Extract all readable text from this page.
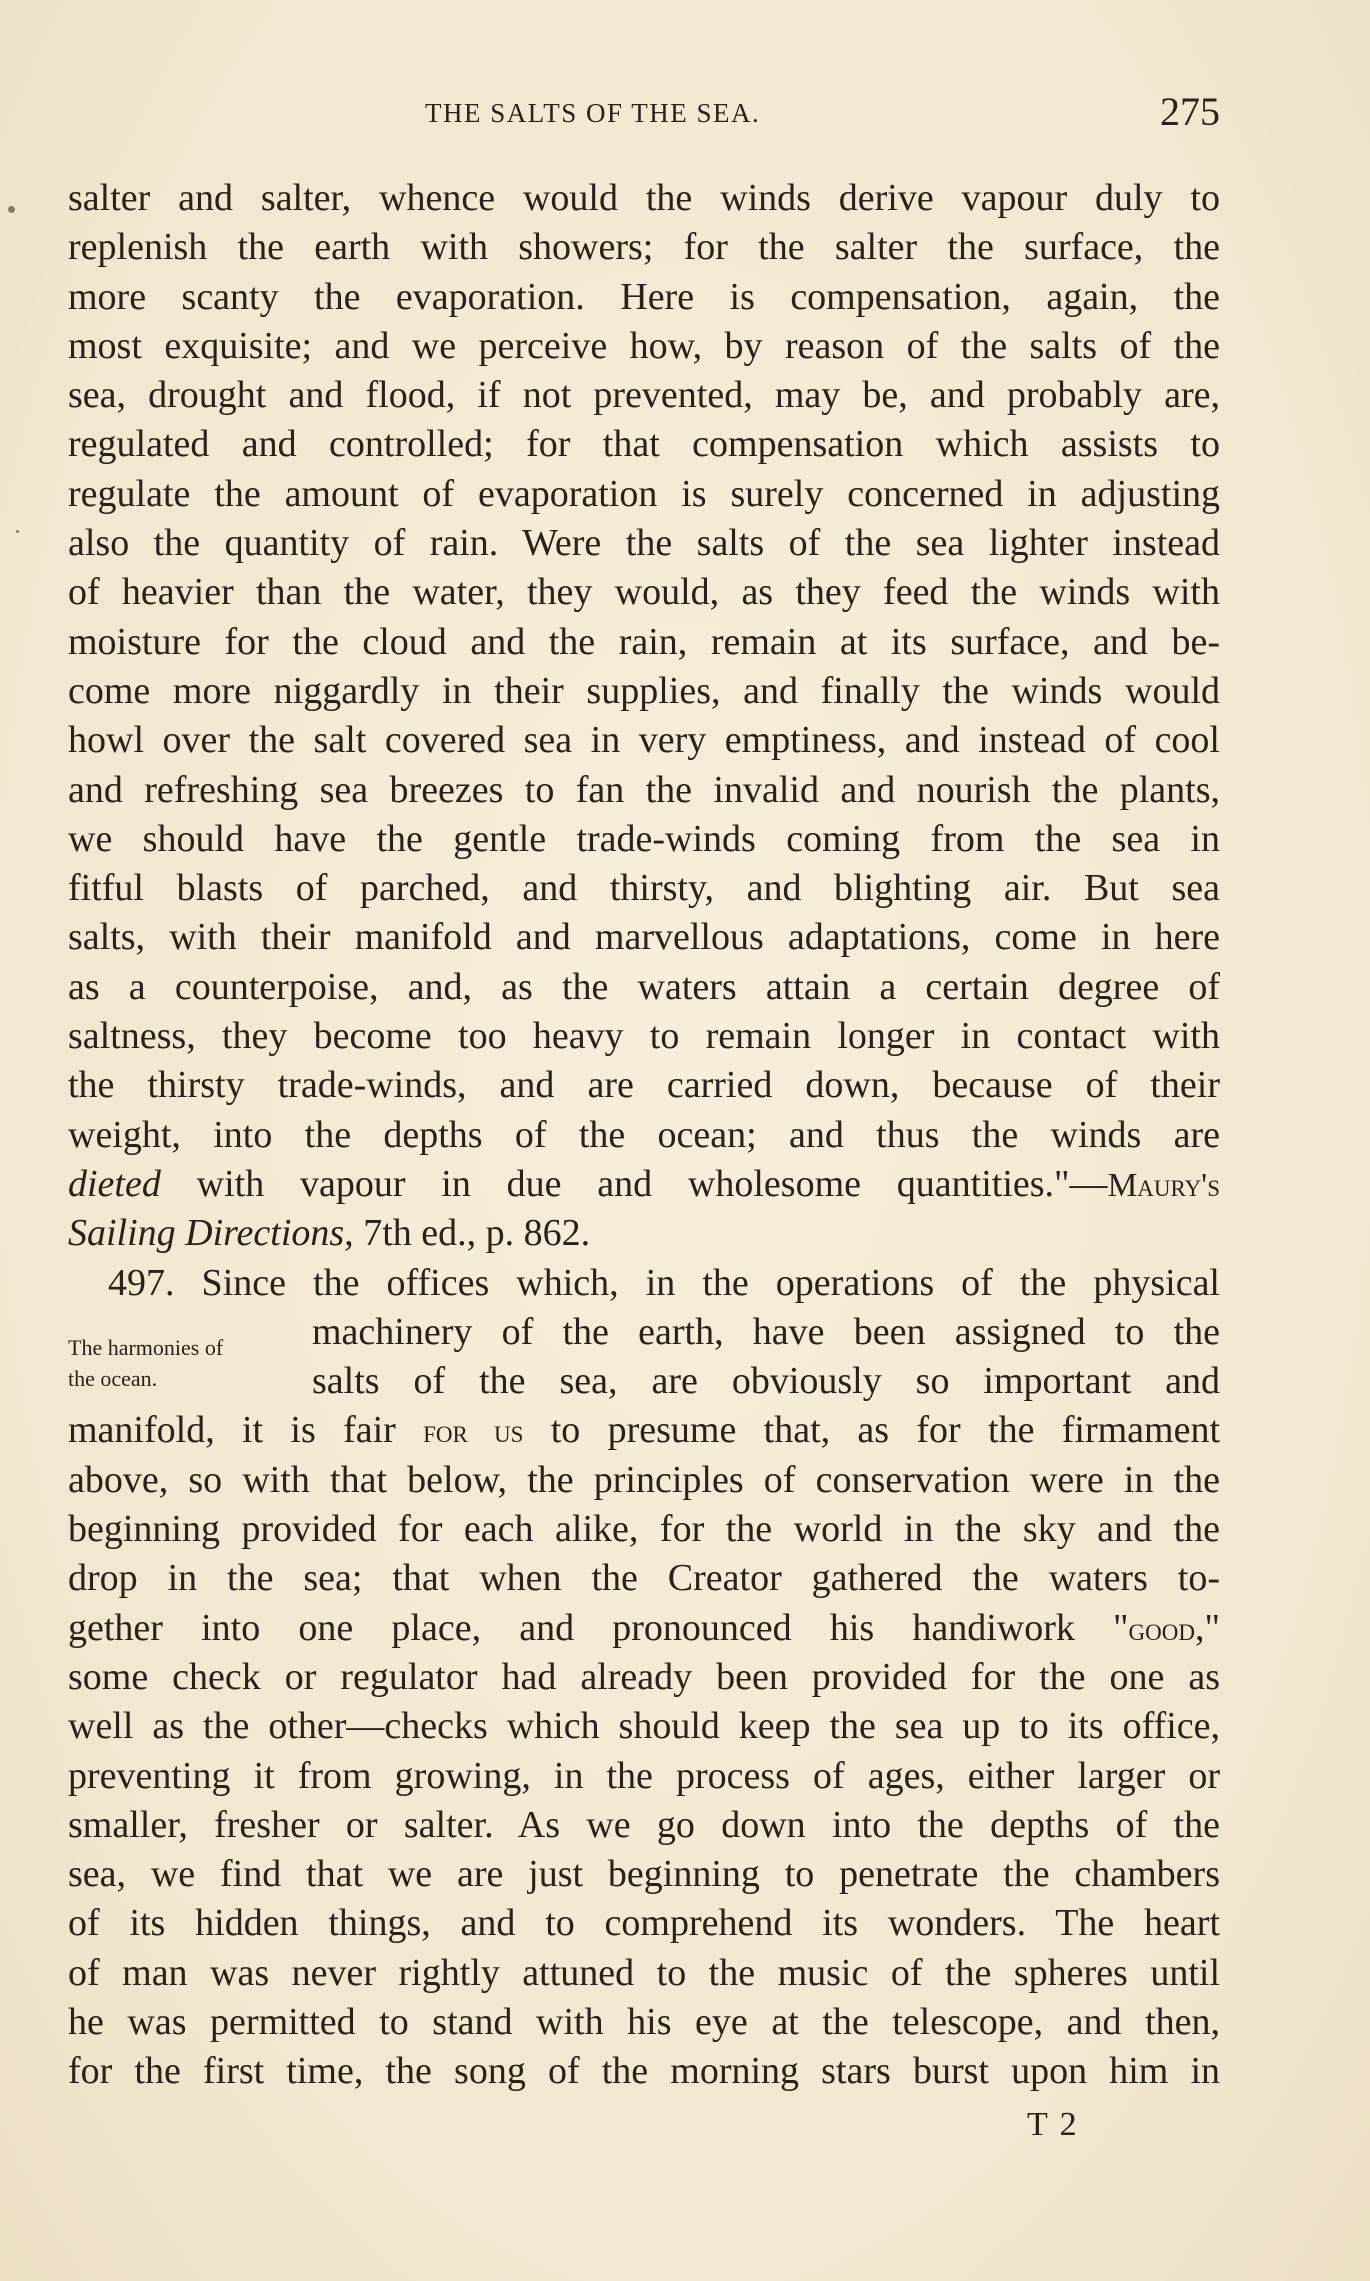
THE SALTS OF THE SEA.	275
salter and salter, whence would the winds derive vapour duly to
replenish the earth with showers; for the salter the surface, the
more scanty the evaporation. Here is compensation, again, the
most exquisite; and we perceive how, by reason of the salts of the
sea, drought and flood, if not prevented, may be, and probably are,
regulated and controlled; for that compensation which assists to
regulate the amount of evaporation is surely concerned in adjusting
also the quantity of rain. Were the salts of the sea lighter instead
of heavier than the water, they would, as they feed the winds with
moisture for the cloud and the rain, remain at its surface, and be-
come more niggardly in their supplies, and finally the winds would
howl over the salt covered sea in very emptiness, and instead of cool
and refreshing sea breezes to fan the invalid and nourish the plants,
we should have the gentle trade-winds coming from the sea in
fitful blasts of parched, and thirsty, and blighting air. But sea
salts, with their manifold and marvellous adaptations, come in here
as a counterpoise, and, as the waters attain a certain degree of
saltness, they become too heavy to remain longer in contact with
the thirsty trade-winds, and are carried down, because of their
weight, into the depths of the ocean; and thus the winds are
dieted with vapour in due and wholesome quantities."—Maury's
Sailing Directions, 7th ed., p. 862.
497. Since the offices which, in the operations of the physical
machinery of the earth, have been assigned to the
salts of the sea, are obviously so important and
manifold, it is fair for us to presume that, as for the firmament
above, so with that below, the principles of conservation were in the
beginning provided for each alike, for the world in the sky and the
drop in the sea; that when the Creator gathered the waters to-
gether into one place, and pronounced his handiwork "good,"
some check or regulator had already been provided for the one as
well as the other—checks which should keep the sea up to its office,
preventing it from growing, in the process of ages, either larger or
smaller, fresher or salter. As we go down into the depths of the
sea, we find that we are just beginning to penetrate the chambers
of its hidden things, and to comprehend its wonders. The heart
of man was never rightly attuned to the music of the spheres until
he was permitted to stand with his eye at the telescope, and then,
for the first time, the song of the morning stars burst upon him in
The harmonies of
the ocean.
T 2
